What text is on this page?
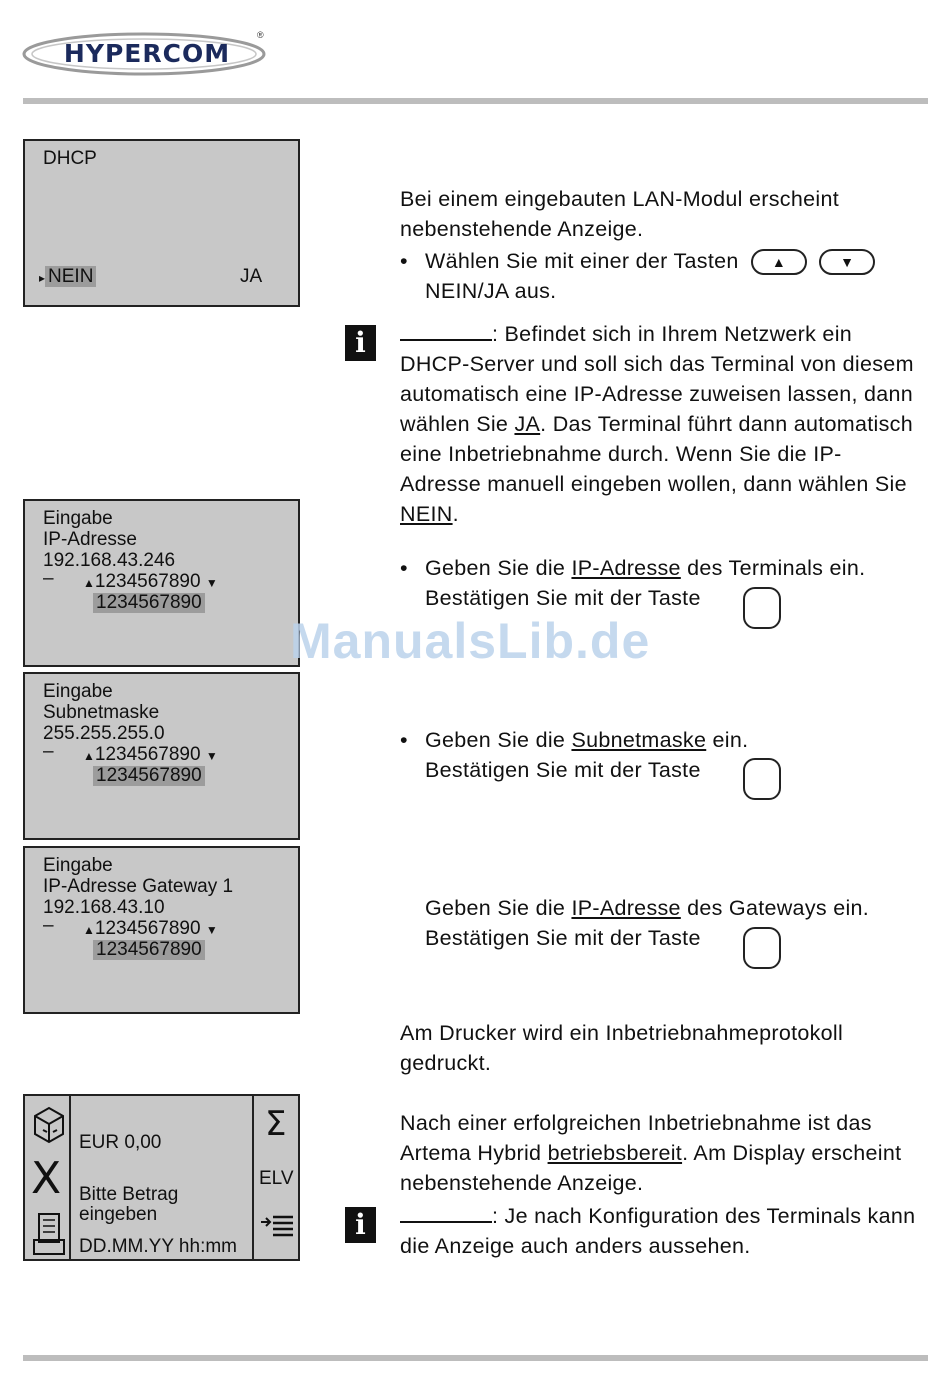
HYPERCOM
®
DHCP
▸ NEIN	JA
Eingabe
IP-Adresse
192.168.43.246
– ▲1234567890 ▼
1234567890
Eingabe
Subnetmaske
255.255.255.0
– ▲1234567890 ▼
1234567890
Eingabe
IP-Adresse Gateway 1
192.168.43.10
– ▲1234567890 ▼
1234567890
X
EUR 0,00
Bitte Betrag
eingeben
DD.MM.YY hh:mm
Σ
ELV
Bei einem eingebauten LAN-Modul erscheint nebenstehende Anzeige.
• Wählen Sie mit einer der Tasten ▲	▼
NEIN/JA aus.
i	: Befindet sich in Ihrem Netzwerk ein DHCP-Server und soll sich das Terminal von diesem automatisch eine IP-Adresse zuweisen lassen, dann wählen Sie JA. Das Terminal führt dann automatisch eine Inbetriebnahme durch. Wenn Sie die IP-Adresse manuell eingeben wollen, dann wählen Sie NEIN.
• Geben Sie die IP-Adresse des Terminals ein.
Bestätigen Sie mit der Taste
ManualsLib.de
• Geben Sie die Subnetmaske ein.
Bestätigen Sie mit der Taste
Geben Sie die IP-Adresse des Gateways ein.
Bestätigen Sie mit der Taste
Am Drucker wird ein Inbetriebnahmeprotokoll gedruckt.
Nach einer erfolgreichen Inbetriebnahme ist das Artema Hybrid betriebsbereit. Am Display erscheint nebenstehende Anzeige.
i	: Je nach Konfiguration des Terminals kann die Anzeige auch anders aussehen.
